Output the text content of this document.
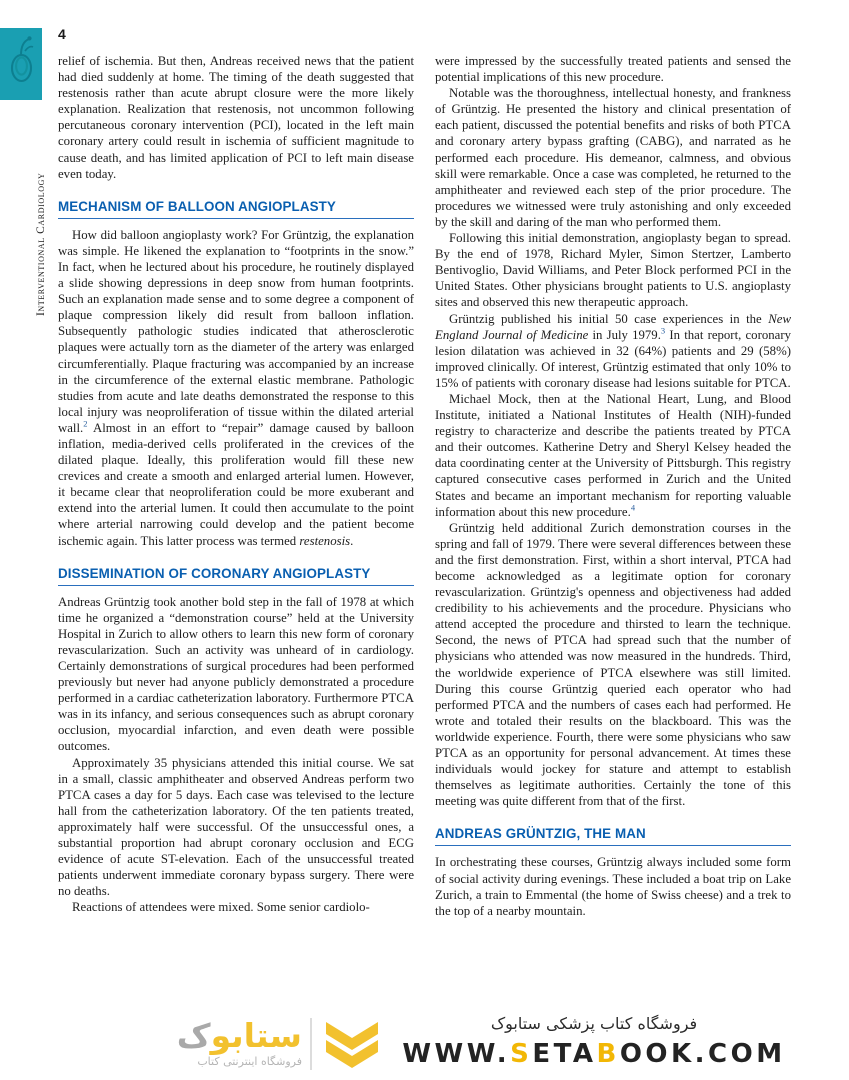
Interventional Cardiology
4

relief of ischemia. But then, Andreas received news that the patient had died suddenly at home. The timing of the death suggested that restenosis rather than acute abrupt closure were the more likely explanation. Realization that restenosis, not uncommon following percutaneous coronary intervention (PCI), located in the left main coronary artery could result in ischemia of sufficient magnitude to cause death, and has limited application of PCI to left main disease even today.

MECHANISM OF BALLOON ANGIOPLASTY

How did balloon angioplasty work? For Grüntzig, the explanation was simple. He likened the explanation to “footprints in the snow.” In fact, when he lectured about his procedure, he routinely displayed a slide showing depressions in deep snow from human footprints. Such an explanation made sense and to some degree a component of plaque compression likely did result from balloon inflation. Subsequently pathologic studies indicated that atherosclerotic plaques were actually torn as the diameter of the artery was enlarged circumferentially. Plaque fracturing was accompanied by an increase in the circumference of the external elastic membrane. Pathologic studies from acute and late deaths demonstrated the response to this local injury was neoproliferation of tissue within the dilated arterial wall.$^2$ Almost in an effort to “repair” damage caused by balloon inflation, media-derived cells proliferated in the crevices of the dilated plaque. Ideally, this proliferation would fill these new crevices and create a smooth and enlarged arterial lumen. However, it became clear that neoproliferation could be more exuberant and extend into the arterial lumen. It could then accumulate to the point where arterial narrowing could develop and the patient become ischemic again. This latter process was termed restenosis.

DISSEMINATION OF CORONARY ANGIOPLASTY

Andreas Grüntzig took another bold step in the fall of 1978 at which time he organized a “demonstration course” held at the University Hospital in Zurich to allow others to learn this new form of coronary revascularization. Such an activity was unheard of in cardiology. Certainly demonstrations of surgical procedures had been performed previously but never had anyone publicly demonstrated a procedure performed in a cardiac catheterization laboratory. Furthermore PTCA was in its infancy, and serious consequences such as abrupt coronary occlusion, myocardial infarction, and even death were possible outcomes.

Approximately 35 physicians attended this initial course. We sat in a small, classic amphitheater and observed Andreas perform two PTCA cases a day for 5 days. Each case was televised to the lecture hall from the catheterization laboratory. Of the ten patients treated, approximately half were successful. Of the unsuccessful ones, a substantial proportion had abrupt coronary occlusion and ECG evidence of acute ST-elevation. Each of the unsuccessful treated patients underwent immediate coronary bypass surgery. There were no deaths.

Reactions of attendees were mixed. Some senior cardiolo-

were impressed by the successfully treated patients and sensed the potential implications of this new procedure.

Notable was the thoroughness, intellectual honesty, and frankness of Grüntzig. He presented the history and clinical presentation of each patient, discussed the potential benefits and risks of both PTCA and coronary artery bypass grafting (CABG), and narrated as he performed each procedure. His demeanor, calmness, and obvious skill were remarkable. Once a case was completed, he returned to the amphitheater and reviewed each step of the prior procedure. The procedures we witnessed were truly astonishing and only exceeded by the skill and daring of the man who performed them.

Following this initial demonstration, angioplasty began to spread. By the end of 1978, Richard Myler, Simon Stertzer, Lamberto Bentivoglio, David Williams, and Peter Block performed PCI in the United States. Other physicians brought patients to U.S. angioplasty sites and observed this new therapeutic approach.

Grüntzig published his initial 50 case experiences in the New England Journal of Medicine in July 1979.$^3$ In that report, coronary lesion dilatation was achieved in 32 (64%) patients and 29 (58%) improved clinically. Of interest, Grüntzig estimated that only 10% to 15% of patients with coronary disease had lesions suitable for PTCA.

Michael Mock, then at the National Heart, Lung, and Blood Institute, initiated a National Institutes of Health (NIH)-funded registry to characterize and describe the patients treated by PTCA and their outcomes. Katherine Detry and Sheryl Kelsey headed the data coordinating center at the University of Pittsburgh. This registry captured consecutive cases performed in Zurich and the United States and became an important mechanism for reporting valuable information about this new procedure.$^4$

Grüntzig held additional Zurich demonstration courses in the spring and fall of 1979. There were several differences between these and the first demonstration. First, within a short interval, PTCA had become acknowledged as a legitimate option for coronary revascularization. Grüntzig's openness and objectiveness had added credibility to his achievements and the procedure. Physicians who attend accepted the procedure and thirsted to learn the technique. Second, the news of PTCA had spread such that the number of physicians who attended was now measured in the hundreds. Third, the worldwide experience of PTCA elsewhere was still limited. During this course Grüntzig queried each operator who had performed PTCA and the numbers of cases each had performed. He wrote and totaled their results on the blackboard. This was the worldwide experience. Fourth, there were some physicians who saw PTCA as an opportunity for personal advancement. At times these individuals would jockey for stature and attempt to establish themselves as legitimate authorities. Certainly the tone of this meeting was quite different from that of the first.

ANDREAS GRÜNTZIG, THE MAN

In orchestrating these courses, Grüntzig always included some form of social activity during evenings. These included a boat trip on Lake Zurich, a train to Emmental (the home of Swiss cheese) and a trek to the top of a nearby mountain.

ستابوک
فروشگاه اینترنتی کتاب
فروشگاه کتاب پزشکی ستابوک
WWW.SETABOOK.COM
